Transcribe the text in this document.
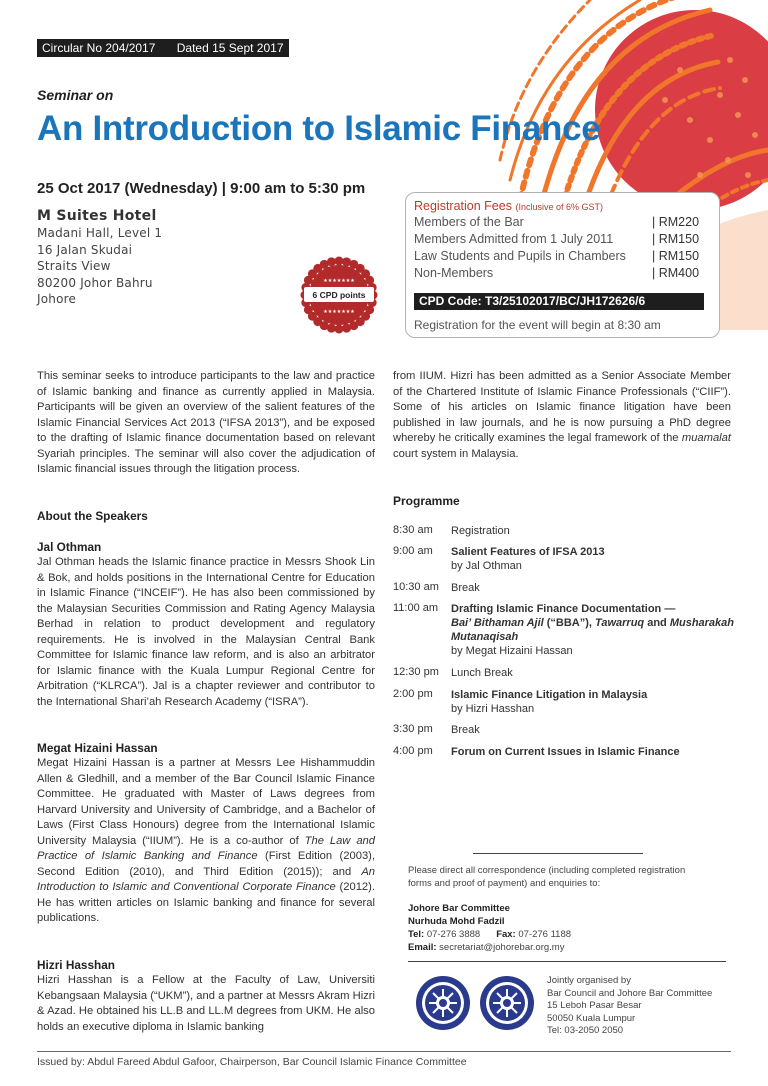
Circular No 204/2017 Dated 15 Sept 2017
Seminar on
An Introduction to Islamic Finance
25 Oct 2017 (Wednesday) | 9:00 am to 5:30 pm
M Suites Hotel
Madani Hall, Level 1
16 Jalan Skudai
Straits View
80200 Johor Bahru
Johore
★★★★★★★
★★★★★★★
6 CPD points
Registration Fees (Inclusive of 6% GST)
Members of the Bar	| RM220
Members Admitted from 1 July 2011	| RM150
Law Students and Pupils in Chambers | RM150
Non-Members	| RM400
CPD Code: T3/25102017/BC/JH172626/6
Registration for the event will begin at 8:30 am
This seminar seeks to introduce participants to the law and practice of Islamic banking and finance as currently applied in Malaysia. Participants will be given an overview of the salient features of the Islamic Financial Services Act 2013 (“IFSA 2013”), and be exposed to the drafting of Islamic finance documentation based on relevant Syariah principles. The seminar will also cover the adjudication of Islamic financial issues through the litigation process.
About the Speakers
Jal Othman
Jal Othman heads the Islamic finance practice in Messrs Shook Lin & Bok, and holds positions in the International Centre for Education in Islamic Finance (“INCEIF”). He has also been commissioned by the Malaysian Securities Commission and Rating Agency Malaysia Berhad in relation to product development and regulatory requirements. He is involved in the Malaysian Central Bank Committee for Islamic finance law reform, and is also an arbitrator for Islamic finance with the Kuala Lumpur Regional Centre for Arbitration (“KLRCA”). Jal is a chapter reviewer and contributor to the International Shari’ah Research Academy (“ISRA”).
Megat Hizaini Hassan
Megat Hizaini Hassan is a partner at Messrs Lee Hishammuddin Allen & Gledhill, and a member of the Bar Council Islamic Finance Committee. He graduated with Master of Laws degrees from Harvard University and University of Cambridge, and a Bachelor of Laws (First Class Honours) degree from the International Islamic University Malaysia (“IIUM”). He is a co-author of The Law and Practice of Islamic Banking and Finance (First Edition (2003), Second Edition (2010), and Third Edition (2015)); and An Introduction to Islamic and Conventional Corporate Finance (2012). He has written articles on Islamic banking and finance for several publications.
Hizri Hasshan
Hizri Hasshan is a Fellow at the Faculty of Law, Universiti Kebangsaan Malaysia (“UKM”), and a partner at Messrs Akram Hizri & Azad. He obtained his LL.B and LL.M degrees from UKM. He also holds an executive diploma in Islamic banking
from IIUM. Hizri has been admitted as a Senior Associate Member of the Chartered Institute of Islamic Finance Professionals (“CIIF”). Some of his articles on Islamic finance litigation have been published in law journals, and he is now pursuing a PhD degree whereby he critically examines the legal framework of the muamalat court system in Malaysia.
Programme
8:30 am Registration
9:00 am Salient Features of IFSA 2013
by Jal Othman
10:30 am Break
11:00 am Drafting Islamic Finance Documentation —
Bai’ Bithaman Ajil (“BBA”), Tawarruq and Musharakah Mutanaqisah
by Megat Hizaini Hassan
12:30 pm Lunch Break
2:00 pm Islamic Finance Litigation in Malaysia
by Hizri Hasshan
3:30 pm Break
4:00 pm Forum on Current Issues in Islamic Finance
Please direct all correspondence (including completed registration forms and proof of payment) and enquiries to:
Johore Bar Committee
Nurhuda Mohd Fadzil
Tel: 07-276 3888 Fax: 07-276 1188
Email: secretariat@johorebar.org.my
Jointly organised by
Bar Council and Johore Bar Committee
15 Leboh Pasar Besar
50050 Kuala Lumpur
Tel: 03-2050 2050
Issued by: Abdul Fareed Abdul Gafoor, Chairperson, Bar Council Islamic Finance Committee
